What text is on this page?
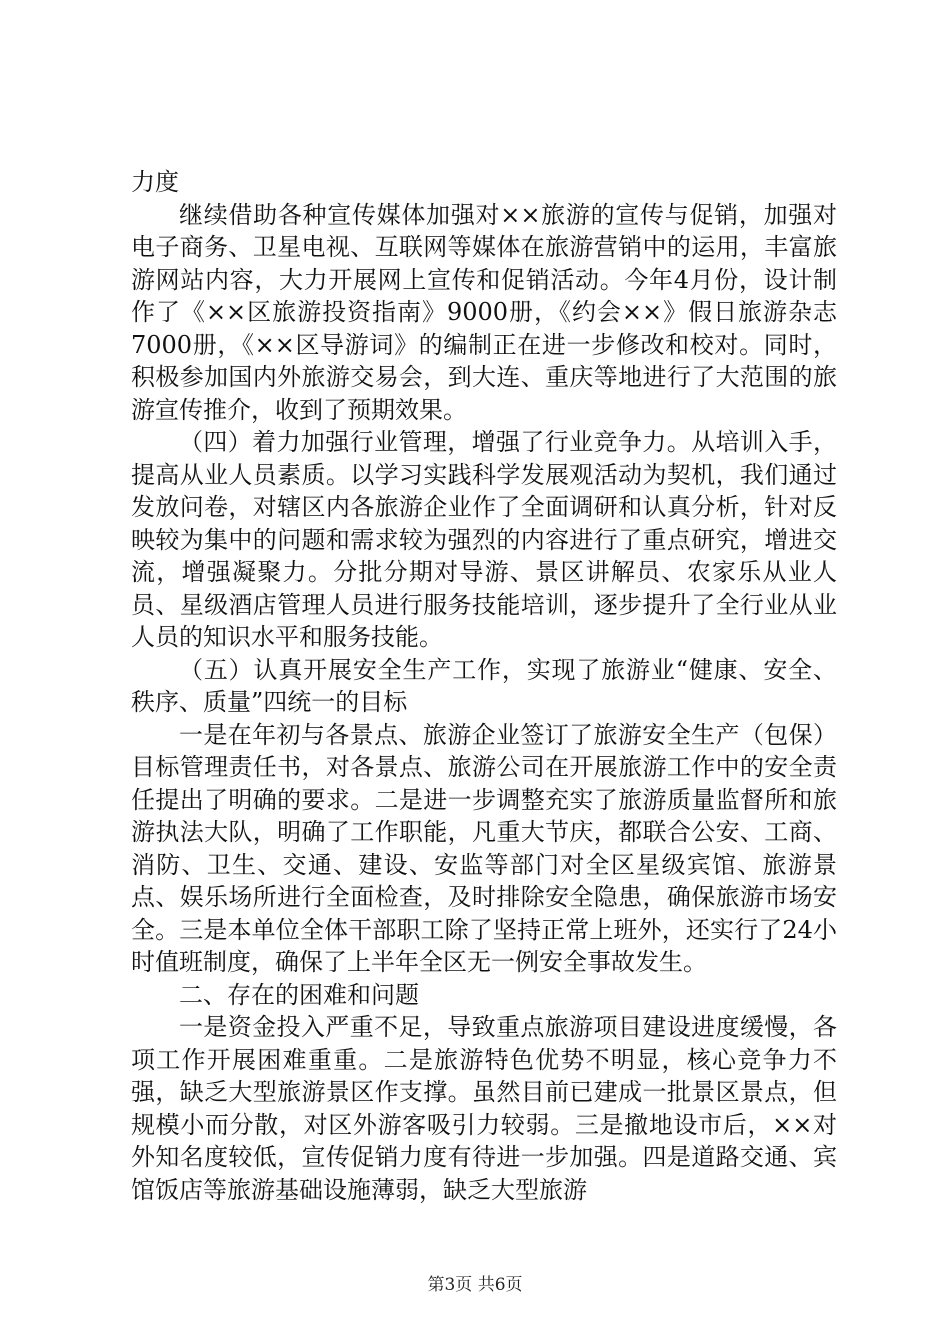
力度

继续借助各种宣传媒体加强对××旅游的宣传与促销，加强对电子商务、卫星电视、互联网等媒体在旅游营销中的运用，丰富旅游网站内容，大力开展网上宣传和促销活动。今年4月份，设计制作了《××区旅游投资指南》9000册，《约会××》假日旅游杂志7000册，《××区导游词》的编制正在进一步修改和校对。同时，积极参加国内外旅游交易会，到大连、重庆等地进行了大范围的旅游宣传推介，收到了预期效果。

（四）着力加强行业管理，增强了行业竞争力。从培训入手，提高从业人员素质。以学习实践科学发展观活动为契机，我们通过发放问卷，对辖区内各旅游企业作了全面调研和认真分析，针对反映较为集中的问题和需求较为强烈的内容进行了重点研究，增进交流，增强凝聚力。分批分期对导游、景区讲解员、农家乐从业人员、星级酒店管理人员进行服务技能培训，逐步提升了全行业从业人员的知识水平和服务技能。

（五）认真开展安全生产工作，实现了旅游业“健康、安全、秩序、质量”四统一的目标

一是在年初与各景点、旅游企业签订了旅游安全生产（包保）目标管理责任书，对各景点、旅游公司在开展旅游工作中的安全责任提出了明确的要求。二是进一步调整充实了旅游质量监督所和旅游执法大队，明确了工作职能，凡重大节庆，都联合公安、工商、消防、卫生、交通、建设、安监等部门对全区星级宾馆、旅游景点、娱乐场所进行全面检查，及时排除安全隐患，确保旅游市场安全。三是本单位全体干部职工除了坚持正常上班外，还实行了24小时值班制度，确保了上半年全区无一例安全事故发生。

二、存在的困难和问题

一是资金投入严重不足，导致重点旅游项目建设进度缓慢，各项工作开展困难重重。二是旅游特色优势不明显，核心竞争力不强，缺乏大型旅游景区作支撑。虽然目前已建成一批景区景点，但规模小而分散，对区外游客吸引力较弱。三是撤地设市后，××对外知名度较低，宣传促销力度有待进一步加强。四是道路交通、宾馆饭店等旅游基础设施薄弱，缺乏大型旅游

第3页 共6页
